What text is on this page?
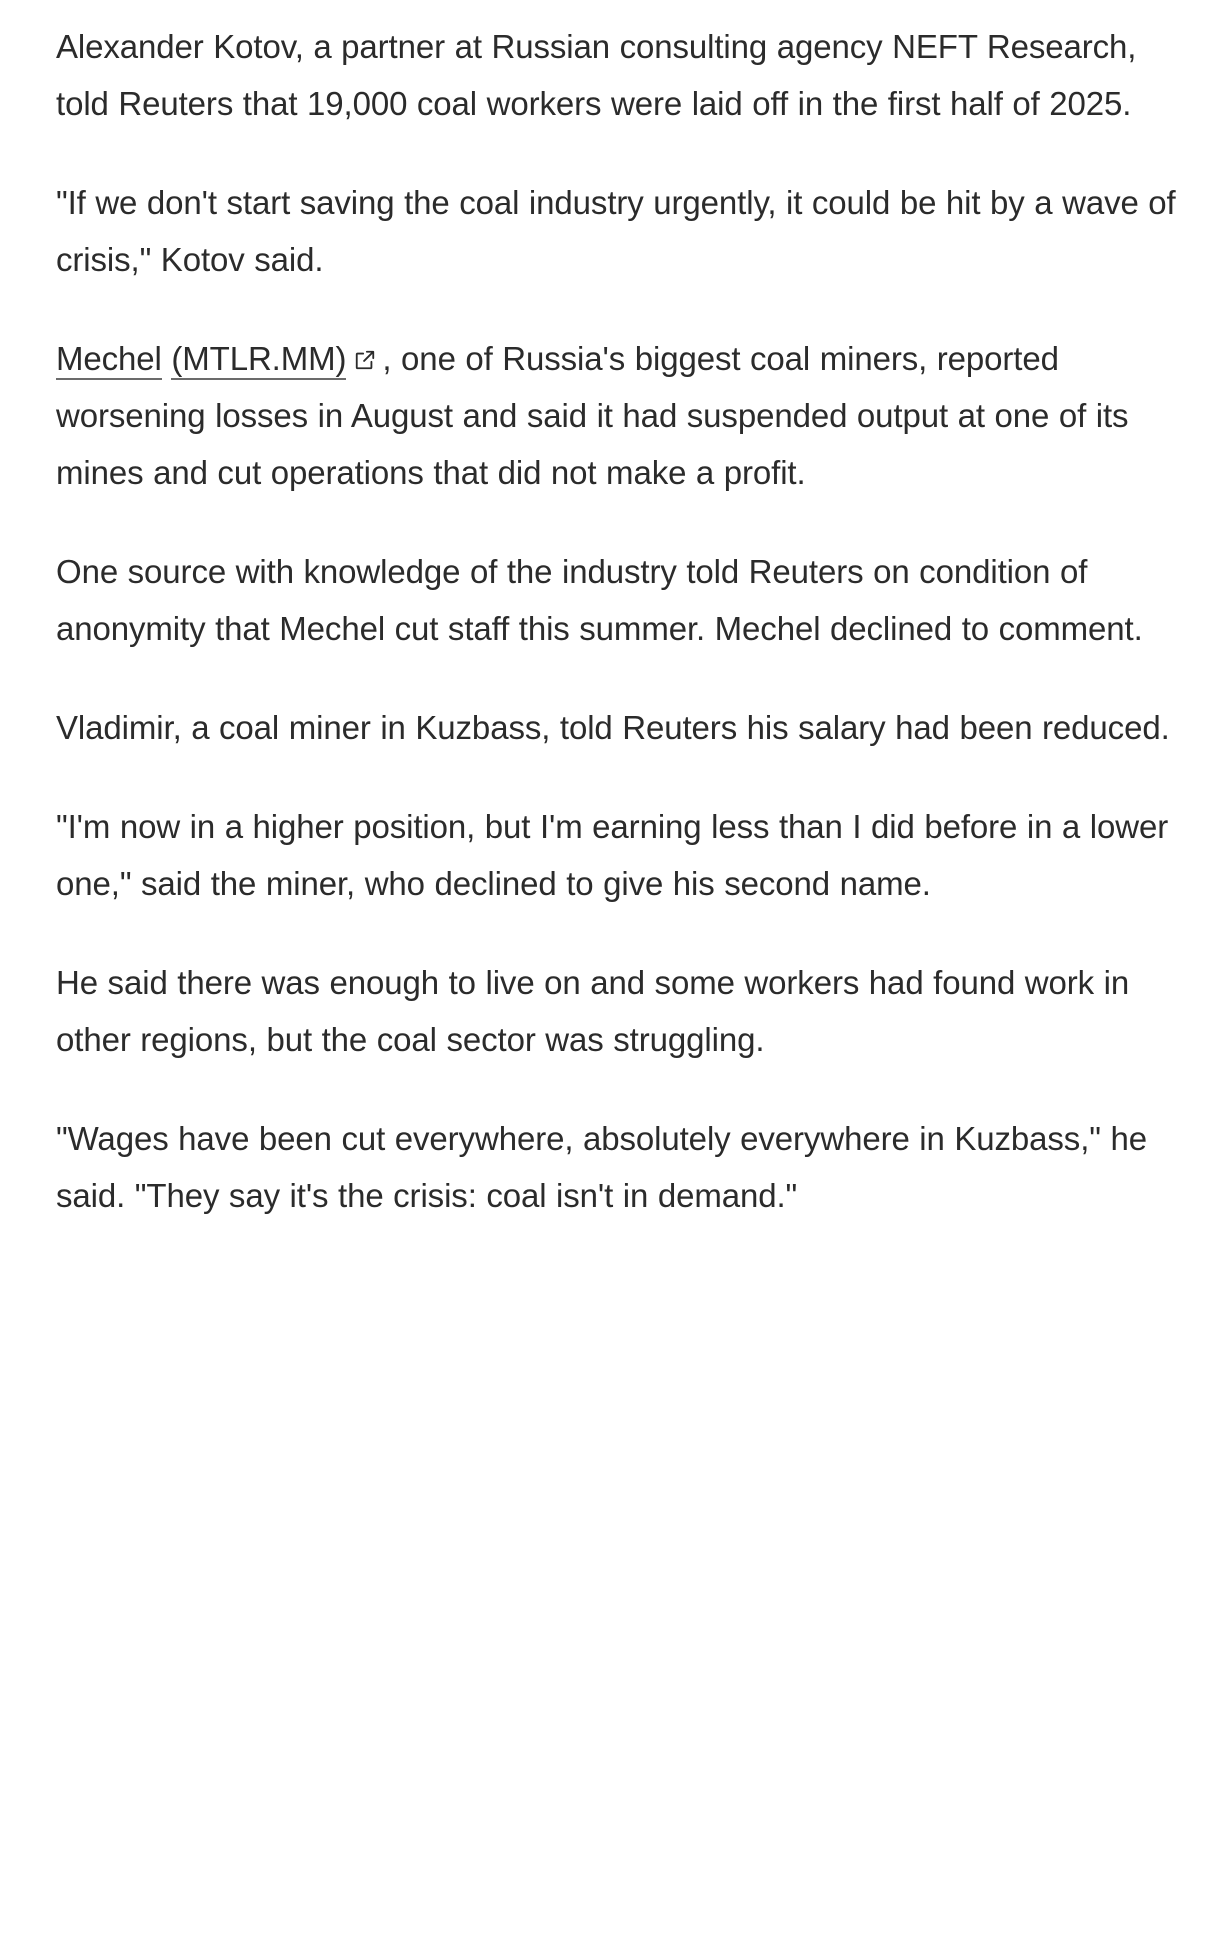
Alexander Kotov, a partner at Russian consulting agency NEFT Research, told Reuters that 19,000 coal workers were laid off in the first half of 2025.

"If we don't start saving the coal industry urgently, it could be hit by a wave of crisis," Kotov said.

Mechel (MTLR.MM) , one of Russia's biggest coal miners, reported worsening losses in August and said it had suspended output at one of its mines and cut operations that did not make a profit.

One source with knowledge of the industry told Reuters on condition of anonymity that Mechel cut staff this summer. Mechel declined to comment.

Vladimir, a coal miner in Kuzbass, told Reuters his salary had been reduced.

"I'm now in a higher position, but I'm earning less than I did before in a lower one," said the miner, who declined to give his second name.

He said there was enough to live on and some workers had found work in other regions, but the coal sector was struggling.

"Wages have been cut everywhere, absolutely everywhere in Kuzbass," he said. "They say it's the crisis: coal isn't in demand."
